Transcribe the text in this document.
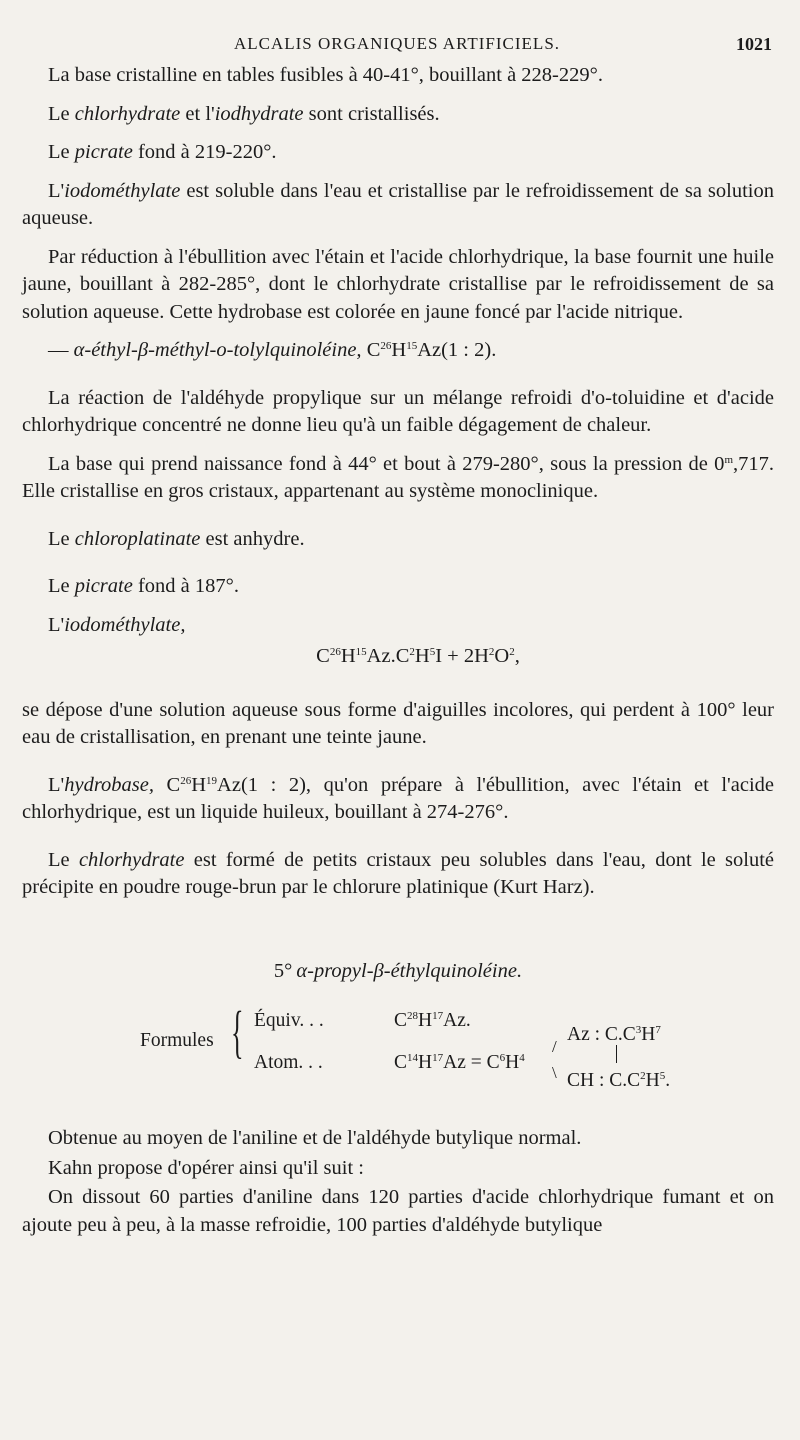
ALCALIS ORGANIQUES ARTIFICIELS.	1021

La base cristalline en tables fusibles à 40-41°, bouillant à 228-229°.

Le chlorhydrate et l'iodhydrate sont cristallisés.

Le picrate fond à 219-220°.

L'iodométhylate est soluble dans l'eau et cristallise par le refroidissement de sa solution aqueuse.

Par réduction à l'ébullition avec l'étain et l'acide chlorhydrique, la base fournit une huile jaune, bouillant à 282-285°, dont le chlorhydrate cristallise par le refroidissement de sa solution aqueuse. Cette hydrobase est colorée en jaune foncé par l'acide nitrique.

— α-éthyl-β-méthyl-o-tolylquinoléine, $C^{26}H^{15}Az(1$ : 2).

La réaction de l'aldéhyde propylique sur un mélange refroidi d'o-toluidine et d'acide chlorhydrique concentré ne donne lieu qu'à un faible dégagement de chaleur.

La base qui prend naissance fond à 44° et bout à 279-280°, sous la pression de 0$^m$,717. Elle cristallise en gros cristaux, appartenant au système monoclinique.

Le chloroplatinate est anhydre.

Le picrate fond à 187°.

L'iodométhylate,

$C^{26}H^{15}Az.C^2H^5I + 2H^2O^2$,

se dépose d'une solution aqueuse sous forme d'aiguilles incolores, qui perdent à 100° leur eau de cristallisation, en prenant une teinte jaune.

L'hydrobase, $C^{26}H^{19}Az(1$ : 2), qu'on prépare à l'ébullition, avec l'étain et l'acide chlorhydrique, est un liquide huileux, bouillant à 274-276°.

Le chlorhydrate est formé de petits cristaux peu solubles dans l'eau, dont le soluté précipite en poudre rouge-brun par le chlorure platinique (Kurt Harz).

5° α-propyl-β-éthylquinoléine.
Formules { Équiv. . .	$C^{28}H^{17}Az$.
Atom. . .	$C^{14}H^{17}Az = C^6H^4$
/
\
Az : $C.C^3H^7$
CH : $C.C^2H^5$.

Obtenue au moyen de l'aniline et de l'aldéhyde butylique normal.

Kahn propose d'opérer ainsi qu'il suit :

On dissout 60 parties d'aniline dans 120 parties d'acide chlorhydrique fumant et on ajoute peu à peu, à la masse refroidie, 100 parties d'aldéhyde butylique
